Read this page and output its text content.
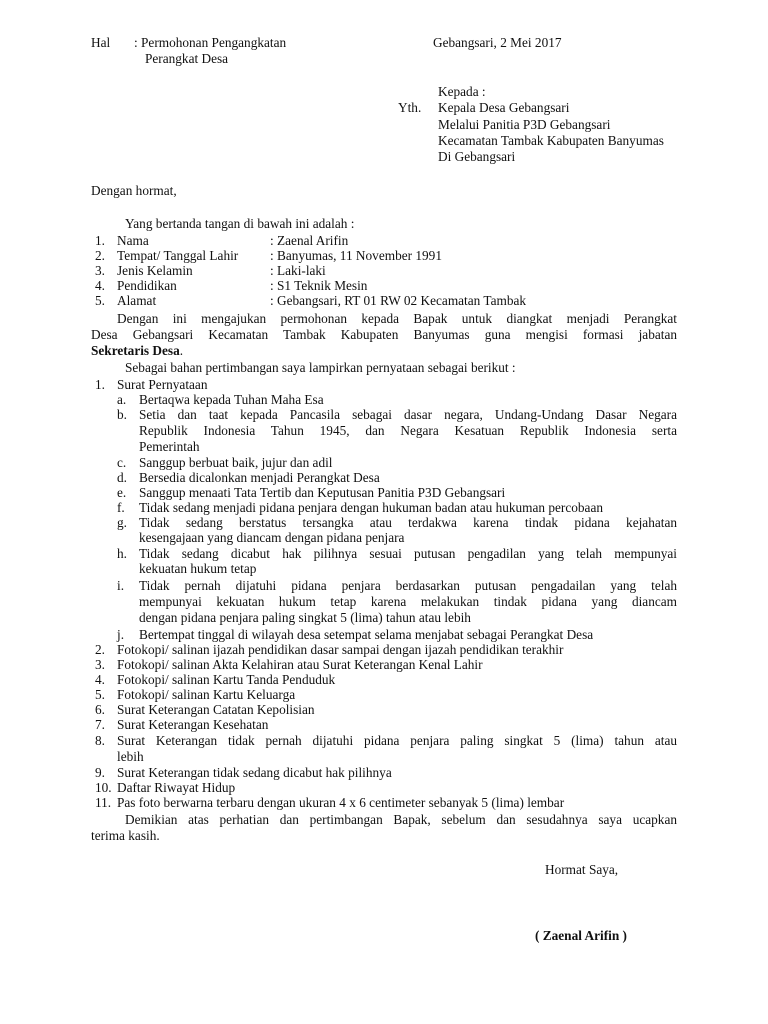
Hal : Permohonan Pengangkatan
Perangkat Desa
Gebangsari, 2 Mei 2017
Kepada :
Yth. Kepala Desa Gebangsari
Melalui Panitia P3D Gebangsari
Kecamatan Tambak Kabupaten Banyumas
Di Gebangsari
Dengan hormat,
Yang bertanda tangan di bawah ini adalah :
1. Nama	: Zaenal Arifin
2. Tempat/ Tanggal Lahir : Banyumas, 11 November 1991
3. Jenis Kelamin	: Laki-laki
4. Pendidikan	: S1 Teknik Mesin
5. Alamat	: Gebangsari, RT 01 RW 02 Kecamatan Tambak
Dengan ini mengajukan permohonan kepada Bapak untuk diangkat menjadi Perangkat
Desa Gebangsari Kecamatan Tambak Kabupaten Banyumas guna mengisi formasi jabatan
Sekretaris Desa.
Sebagai bahan pertimbangan saya lampirkan pernyataan sebagai berikut :
1. Surat Pernyataan
a. Bertaqwa kepada Tuhan Maha Esa
b. Setia dan taat kepada Pancasila sebagai dasar negara, Undang-Undang Dasar Negara
Republik Indonesia Tahun 1945, dan Negara Kesatuan Republik Indonesia serta
Pemerintah
c. Sanggup berbuat baik, jujur dan adil
d. Bersedia dicalonkan menjadi Perangkat Desa
e. Sanggup menaati Tata Tertib dan Keputusan Panitia P3D Gebangsari
f. Tidak sedang menjadi pidana penjara dengan hukuman badan atau hukuman percobaan
g. Tidak sedang berstatus tersangka atau terdakwa karena tindak pidana kejahatan
kesengajaan yang diancam dengan pidana penjara
h. Tidak sedang dicabut hak pilihnya sesuai putusan pengadilan yang telah mempunyai
kekuatan hukum tetap
i. Tidak pernah dijatuhi pidana penjara berdasarkan putusan pengadailan yang telah
mempunyai kekuatan hukum tetap karena melakukan tindak pidana yang diancam
dengan pidana penjara paling singkat 5 (lima) tahun atau lebih
j. Bertempat tinggal di wilayah desa setempat selama menjabat sebagai Perangkat Desa
2. Fotokopi/ salinan ijazah pendidikan dasar sampai dengan ijazah pendidikan terakhir
3. Fotokopi/ salinan Akta Kelahiran atau Surat Keterangan Kenal Lahir
4. Fotokopi/ salinan Kartu Tanda Penduduk
5. Fotokopi/ salinan Kartu Keluarga
6. Surat Keterangan Catatan Kepolisian
7. Surat Keterangan Kesehatan
8. Surat Keterangan tidak pernah dijatuhi pidana penjara paling singkat 5 (lima) tahun atau
lebih
9. Surat Keterangan tidak sedang dicabut hak pilihnya
10. Daftar Riwayat Hidup
11. Pas foto berwarna terbaru dengan ukuran 4 x 6 centimeter sebanyak 5 (lima) lembar
Demikian atas perhatian dan pertimbangan Bapak, sebelum dan sesudahnya saya ucapkan
terima kasih.
Hormat Saya,
( Zaenal Arifin )
